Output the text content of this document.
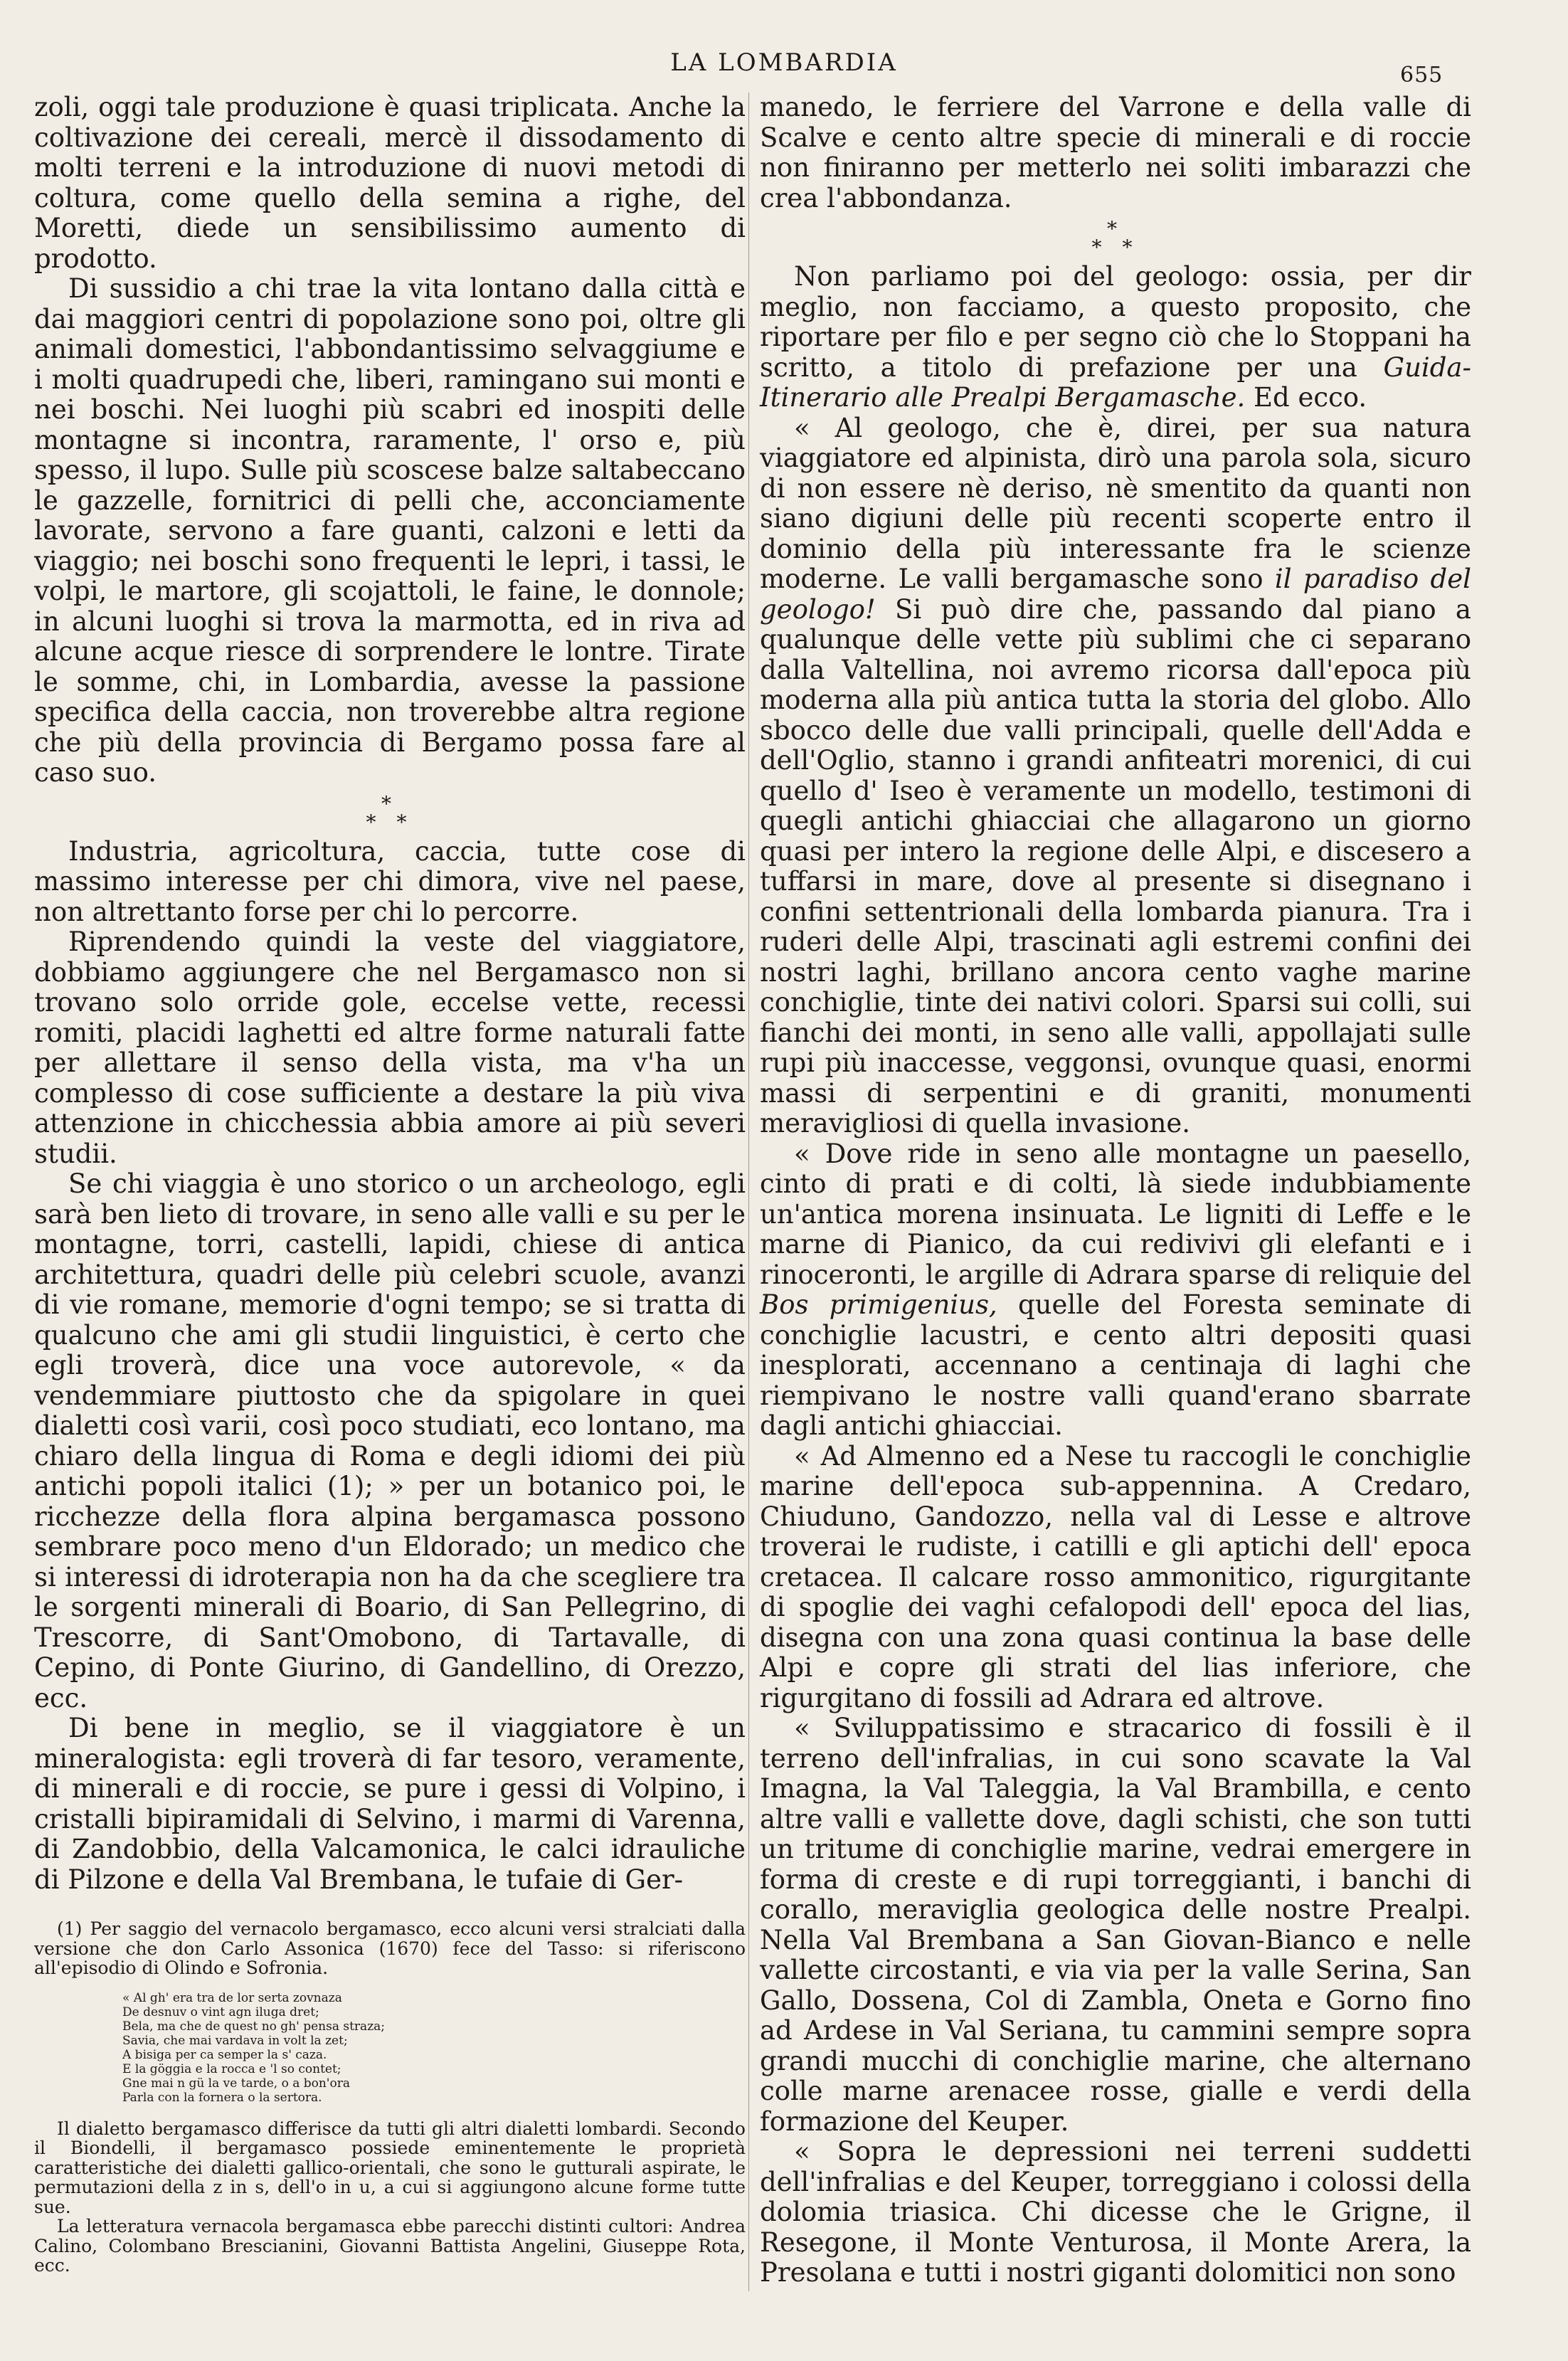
LA LOMBARDIA	655

zoli, oggi tale produzione è quasi triplicata. Anche la coltivazione dei cereali, mercè il dissodamento di molti terreni e la introduzione di nuovi metodi di coltura, come quello della semina a righe, del Moretti, diede un sensibilissimo aumento di prodotto.

Di sussidio a chi trae la vita lontano dalla città e dai maggiori centri di popolazione sono poi, oltre gli animali domestici, l'abbondantissimo selvaggiume e i molti quadrupedi che, liberi, ramingano sui monti e nei boschi. Nei luoghi più scabri ed inospiti delle montagne si incontra, raramente, l' orso e, più spesso, il lupo. Sulle più scoscese balze saltabeccano le gazzelle, fornitrici di pelli che, acconciamente lavorate, servono a fare guanti, calzoni e letti da viaggio; nei boschi sono frequenti le lepri, i tassi, le volpi, le martore, gli scojattoli, le faine, le donnole; in alcuni luoghi si trova la marmotta, ed in riva ad alcune acque riesce di sorprendere le lontre. Tirate le somme, chi, in Lombardia, avesse la passione specifica della caccia, non troverebbe altra regione che più della provincia di Bergamo possa fare al caso suo.

*
* *

Industria, agricoltura, caccia, tutte cose di massimo interesse per chi dimora, vive nel paese, non altrettanto forse per chi lo percorre.

Riprendendo quindi la veste del viaggiatore, dobbiamo aggiungere che nel Bergamasco non si trovano solo orride gole, eccelse vette, recessi romiti, placidi laghetti ed altre forme naturali fatte per allettare il senso della vista, ma v'ha un complesso di cose sufficiente a destare la più viva attenzione in chicchessia abbia amore ai più severi studii.

Se chi viaggia è uno storico o un archeologo, egli sarà ben lieto di trovare, in seno alle valli e su per le montagne, torri, castelli, lapidi, chiese di antica architettura, quadri delle più celebri scuole, avanzi di vie romane, memorie d'ogni tempo; se si tratta di qualcuno che ami gli studii linguistici, è certo che egli troverà, dice una voce autorevole, « da vendemmiare piuttosto che da spigolare in quei dialetti così varii, così poco studiati, eco lontano, ma chiaro della lingua di Roma e degli idiomi dei più antichi popoli italici (1); » per un botanico poi, le ricchezze della flora alpina bergamasca possono sembrare poco meno d'un Eldorado; un medico che si interessi di idroterapia non ha da che scegliere tra le sorgenti minerali di Boario, di San Pellegrino, di Trescorre, di Sant'Omobono, di Tartavalle, di Cepino, di Ponte Giurino, di Gandellino, di Orezzo, ecc.

Di bene in meglio, se il viaggiatore è un mineralogista: egli troverà di far tesoro, veramente, di minerali e di roccie, se pure i gessi di Volpino, i cristalli bipiramidali di Selvino, i marmi di Varenna, di Zandobbio, della Valcamonica, le calci idrauliche di Pilzone e della Val Brembana, le tufaie di Ger-

(1) Per saggio del vernacolo bergamasco, ecco alcuni versi stralciati dalla versione che don Carlo Assonica (1670) fece del Tasso: si riferiscono all'episodio di Olindo e Sofronia.

« Al gh' era tra de lor serta zovnaza
De desnuv o vint agn iluga dret;
Bela, ma che de quest no gh' pensa straza;
Savia, che mai vardava in volt la zet;
A bisiga per ca semper la s' caza.
E la göggia e la rocca e 'l so contet;
Gne mai n gü la ve tarde, o a bon'ora
Parla con la fornera o la sertora.

Il dialetto bergamasco differisce da tutti gli altri dialetti lombardi. Secondo il Biondelli, il bergamasco possiede eminentemente le proprietà caratteristiche dei dialetti gallico-orientali, che sono le gutturali aspirate, le permutazioni della z in s, dell'o in u, a cui si aggiungono alcune forme tutte sue.

La letteratura vernacola bergamasca ebbe parecchi distinti cultori: Andrea Calino, Colombano Brescianini, Giovanni Battista Angelini, Giuseppe Rota, ecc.

manedo, le ferriere del Varrone e della valle di Scalve e cento altre specie di minerali e di roccie non finiranno per metterlo nei soliti imbarazzi che crea l'abbondanza.

*
* *

Non parliamo poi del geologo: ossia, per dir meglio, non facciamo, a questo proposito, che riportare per filo e per segno ciò che lo Stoppani ha scritto, a titolo di prefazione per una Guida-Itinerario alle Prealpi Bergamasche. Ed ecco.

« Al geologo, che è, direi, per sua natura viaggiatore ed alpinista, dirò una parola sola, sicuro di non essere nè deriso, nè smentito da quanti non siano digiuni delle più recenti scoperte entro il dominio della più interessante fra le scienze moderne. Le valli bergamasche sono il paradiso del geologo! Si può dire che, passando dal piano a qualunque delle vette più sublimi che ci separano dalla Valtellina, noi avremo ricorsa dall'epoca più moderna alla più antica tutta la storia del globo. Allo sbocco delle due valli principali, quelle dell'Adda e dell'Oglio, stanno i grandi anfiteatri morenici, di cui quello d' Iseo è veramente un modello, testimoni di quegli antichi ghiacciai che allagarono un giorno quasi per intero la regione delle Alpi, e discesero a tuffarsi in mare, dove al presente si disegnano i confini settentrionali della lombarda pianura. Tra i ruderi delle Alpi, trascinati agli estremi confini dei nostri laghi, brillano ancora cento vaghe marine conchiglie, tinte dei nativi colori. Sparsi sui colli, sui fianchi dei monti, in seno alle valli, appollajati sulle rupi più inaccesse, veggonsi, ovunque quasi, enormi massi di serpentini e di graniti, monumenti meravigliosi di quella invasione.

« Dove ride in seno alle montagne un paesello, cinto di prati e di colti, là siede indubbiamente un'antica morena insinuata. Le ligniti di Leffe e le marne di Pianico, da cui redivivi gli elefanti e i rinoceronti, le argille di Adrara sparse di reliquie del Bos primigenius, quelle del Foresta seminate di conchiglie lacustri, e cento altri depositi quasi inesplorati, accennano a centinaja di laghi che riempivano le nostre valli quand'erano sbarrate dagli antichi ghiacciai.

« Ad Almenno ed a Nese tu raccogli le conchiglie marine dell'epoca sub-appennina. A Credaro, Chiuduno, Gandozzo, nella val di Lesse e altrove troverai le rudiste, i catilli e gli aptichi dell' epoca cretacea. Il calcare rosso ammonitico, rigurgitante di spoglie dei vaghi cefalopodi dell' epoca del lias, disegna con una zona quasi continua la base delle Alpi e copre gli strati del lias inferiore, che rigurgitano di fossili ad Adrara ed altrove.

« Sviluppatissimo e stracarico di fossili è il terreno dell'infralias, in cui sono scavate la Val Imagna, la Val Taleggia, la Val Brambilla, e cento altre valli e vallette dove, dagli schisti, che son tutti un tritume di conchiglie marine, vedrai emergere in forma di creste e di rupi torreggianti, i banchi di corallo, meraviglia geologica delle nostre Prealpi. Nella Val Brembana a San Giovan-Bianco e nelle vallette circostanti, e via via per la valle Serina, San Gallo, Dossena, Col di Zambla, Oneta e Gorno fino ad Ardese in Val Seriana, tu cammini sempre sopra grandi mucchi di conchiglie marine, che alternano colle marne arenacee rosse, gialle e verdi della formazione del Keuper.

« Sopra le depressioni nei terreni suddetti dell'infralias e del Keuper, torreggiano i colossi della dolomia triasica. Chi dicesse che le Grigne, il Resegone, il Monte Venturosa, il Monte Arera, la Presolana e tutti i nostri giganti dolomitici non sono
